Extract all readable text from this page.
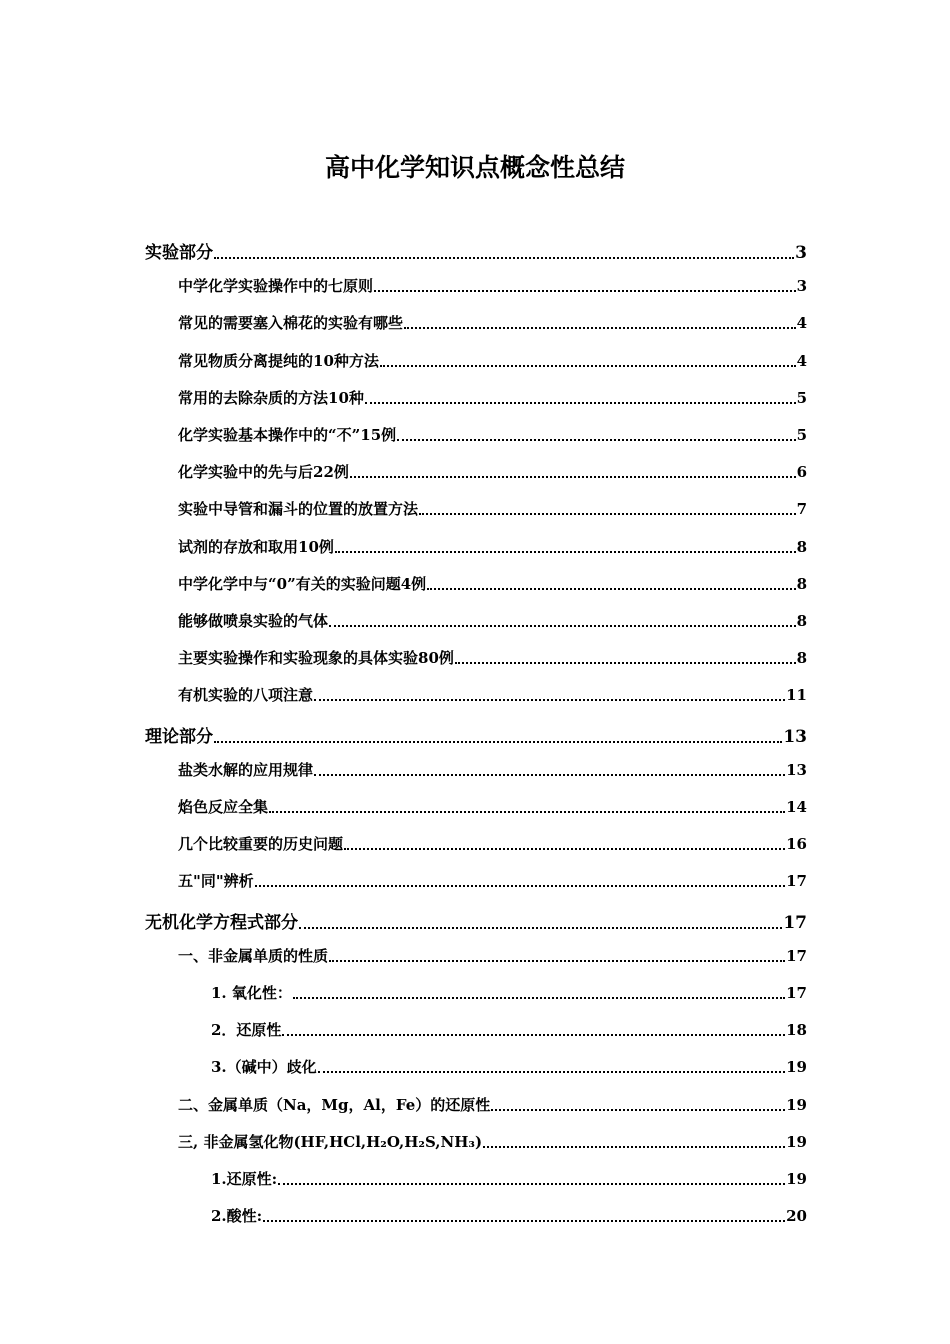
高中化学知识点概念性总结
实验部分	3
中学化学实验操作中的七原则	3
常见的需要塞入棉花的实验有哪些	4
常见物质分离提纯的10种方法	4
常用的去除杂质的方法10种	5
化学实验基本操作中的“不”15例	5
化学实验中的先与后22例	6
实验中导管和漏斗的位置的放置方法	7
试剂的存放和取用10例	8
中学化学中与“0”有关的实验问题4例	8
能够做喷泉实验的气体	8
主要实验操作和实验现象的具体实验80例	8
有机实验的八项注意	11
理论部分	13
盐类水解的应用规律	13
焰色反应全集	14
几个比较重要的历史问题	16
五"同"辨析	17
无机化学方程式部分	17
一、非金属单质的性质	17
1. 氧化性：	17
2．还原性	18
3.（碱中）歧化	19
二、金属单质（Na，Mg，Al，Fe）的还原性	19
三, 非金属氢化物(HF,HCl,H₂O,H₂S,NH₃)	19
1.还原性:	19
2.酸性:	20
